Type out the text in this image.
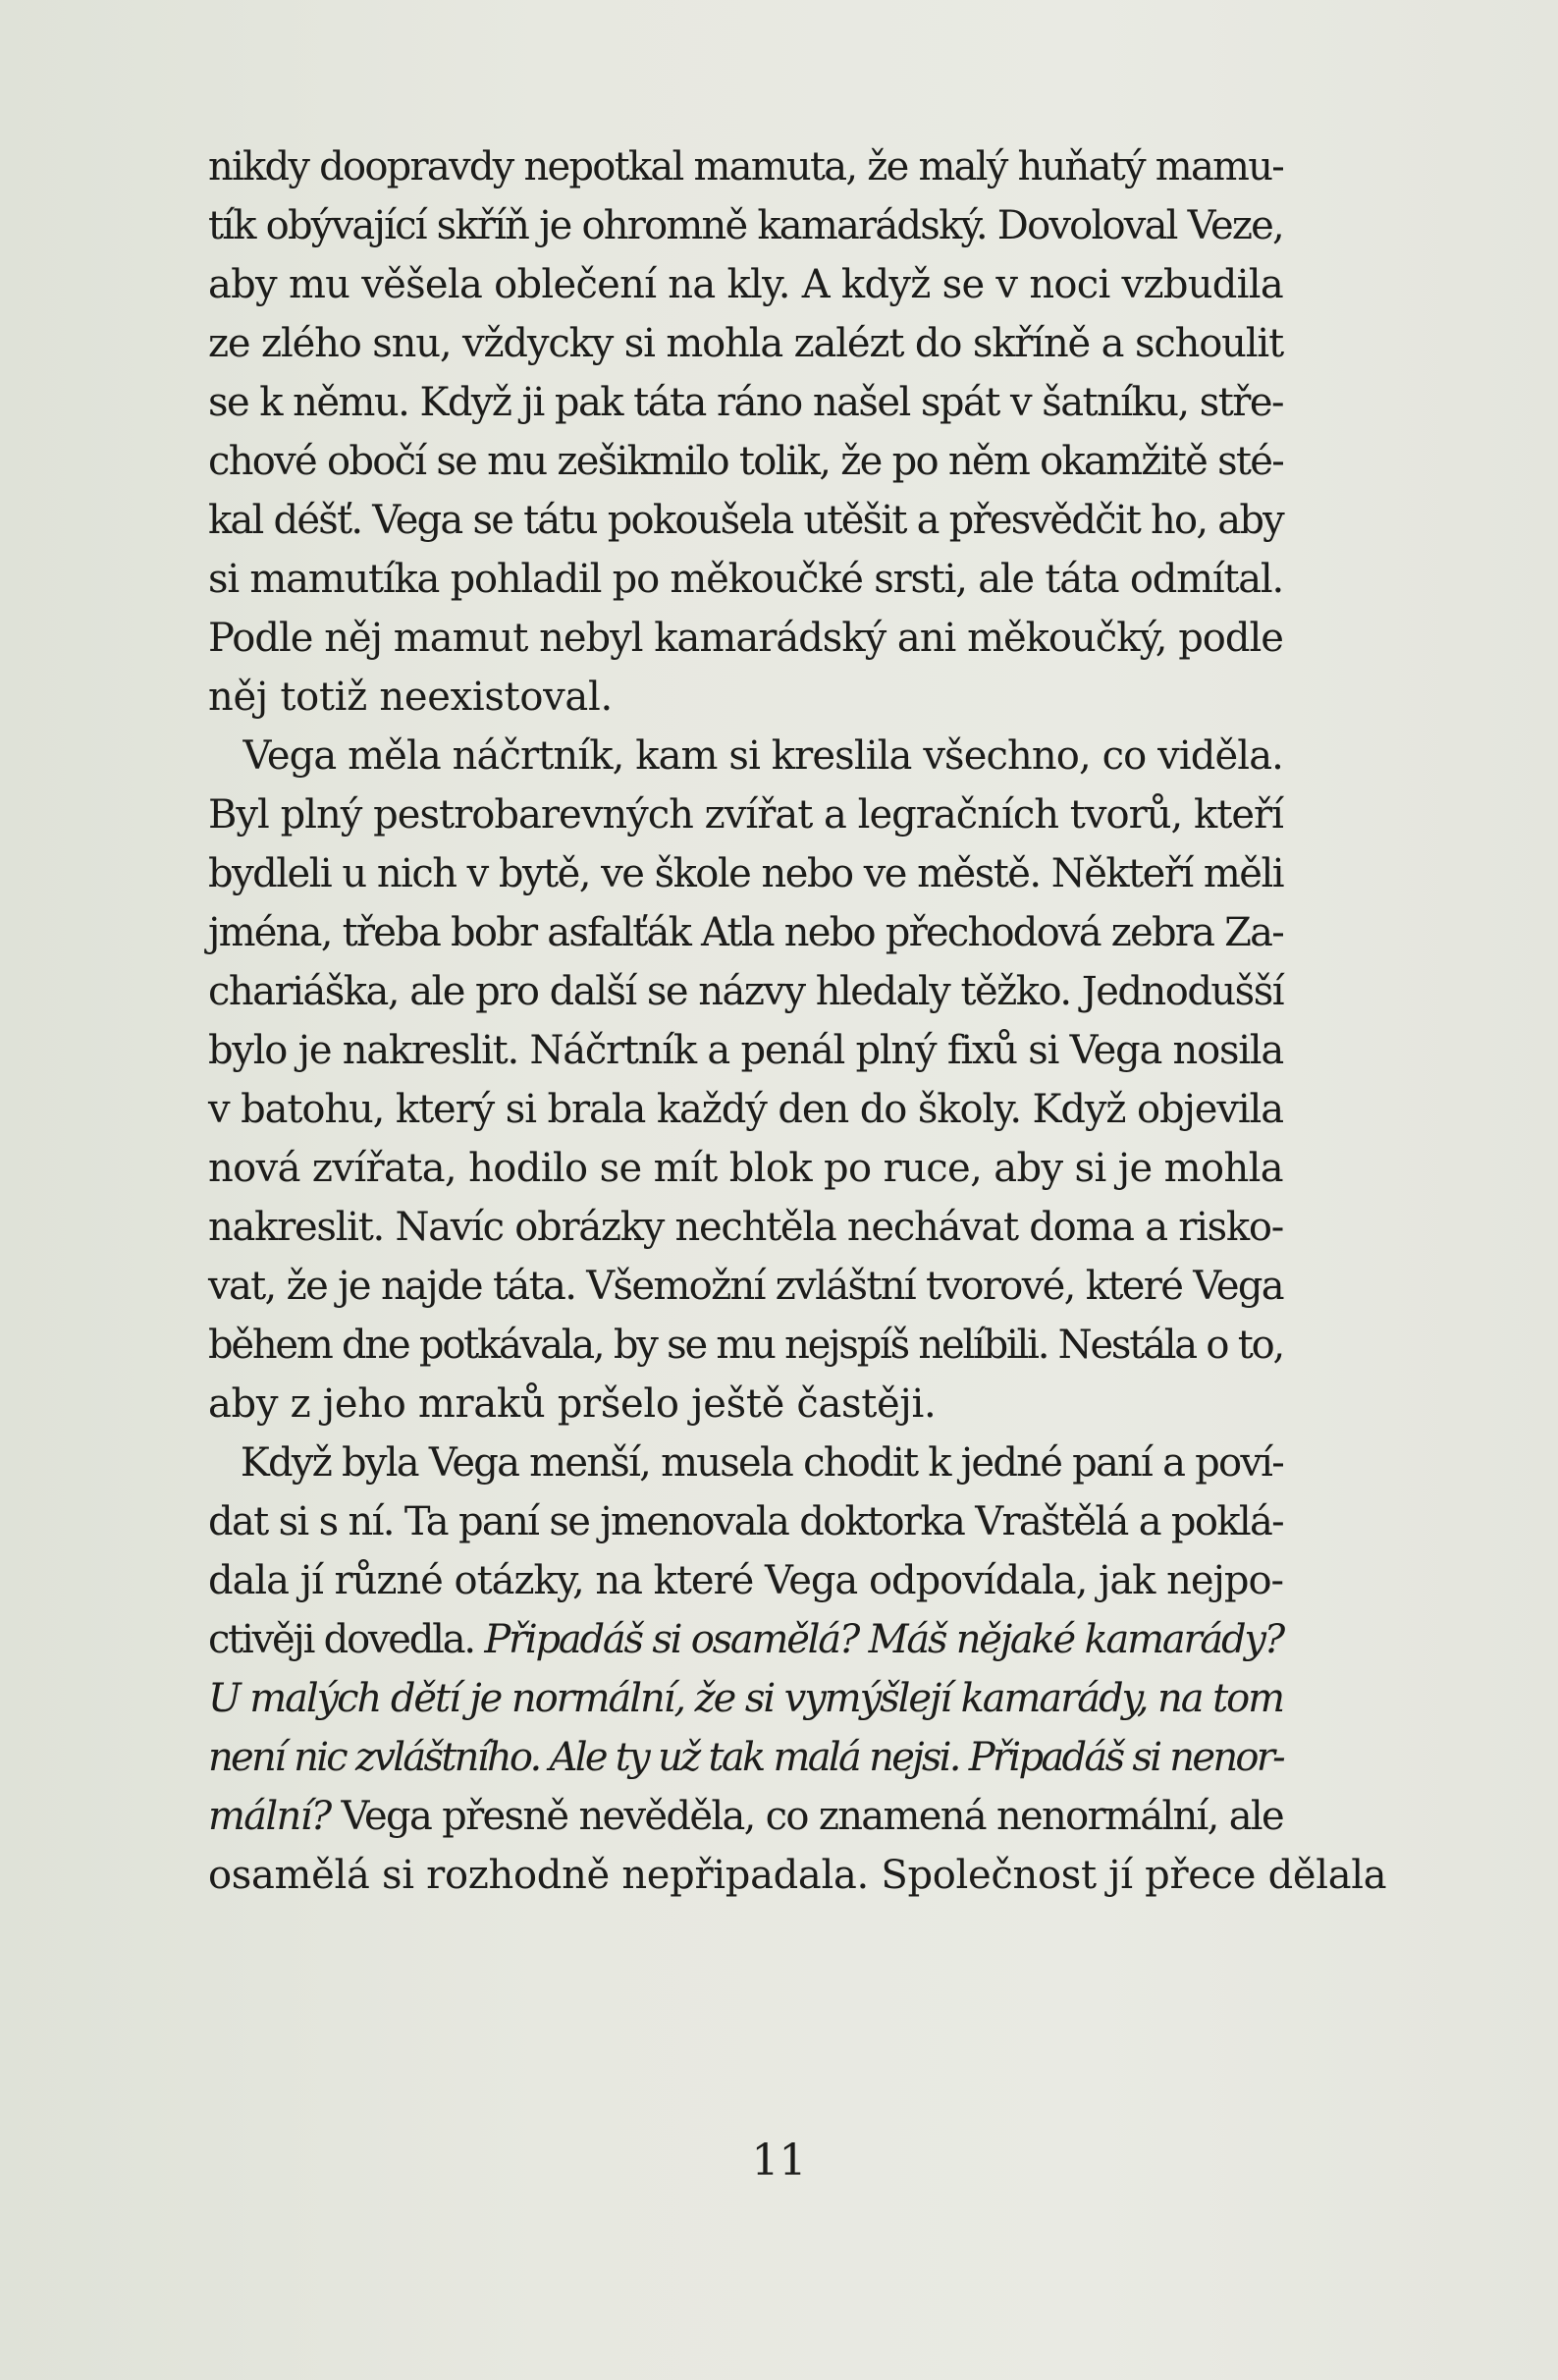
nikdy doopravdy nepotkal mamuta, že malý huňatý mamu-
tík obývající skříň je ohromně kamarádský. Dovoloval Veze,
aby mu věšela oblečení na kly. A když se v noci vzbudila
ze zlého snu, vždycky si mohla zalézt do skříně a schoulit
se k němu. Když ji pak táta ráno našel spát v šatníku, stře-
chové obočí se mu zešikmilo tolik, že po něm okamžitě sté-
kal déšť. Vega se tátu pokoušela utěšit a přesvědčit ho, aby
si mamutíka pohladil po měkoučké srsti, ale táta odmítal.
Podle něj mamut nebyl kamarádský ani měkoučký, podle
něj totiž neexistoval.
Vega měla náčrtník, kam si kreslila všechno, co viděla.
Byl plný pestrobarevných zvířat a legračních tvorů, kteří
bydleli u nich v bytě, ve škole nebo ve městě. Někteří měli
jména, třeba bobr asfalťák Atla nebo přechodová zebra Za-
chariáška, ale pro další se názvy hledaly těžko. Jednodušší
bylo je nakreslit. Náčrtník a penál plný fixů si Vega nosila
v batohu, který si brala každý den do školy. Když objevila
nová zvířata, hodilo se mít blok po ruce, aby si je mohla
nakreslit. Navíc obrázky nechtěla nechávat doma a risko-
vat, že je najde táta. Všemožní zvláštní tvorové, které Vega
během dne potkávala, by se mu nejspíš nelíbili. Nestála o to,
aby z jeho mraků pršelo ještě častěji.
Když byla Vega menší, musela chodit k jedné paní a poví-
dat si s ní. Ta paní se jmenovala doktorka Vraštělá a poklá-
dala jí různé otázky, na které Vega odpovídala, jak nejpo-
ctivěji dovedla. Připadáš si osamělá? Máš nějaké kamarády?
U malých dětí je normální, že si vymýšlejí kamarády, na tom
není nic zvláštního. Ale ty už tak malá nejsi. Připadáš si nenor-
mální? Vega přesně nevěděla, co znamená nenormální, ale
osamělá si rozhodně nepřipadala. Společnost jí přece dělala
11
